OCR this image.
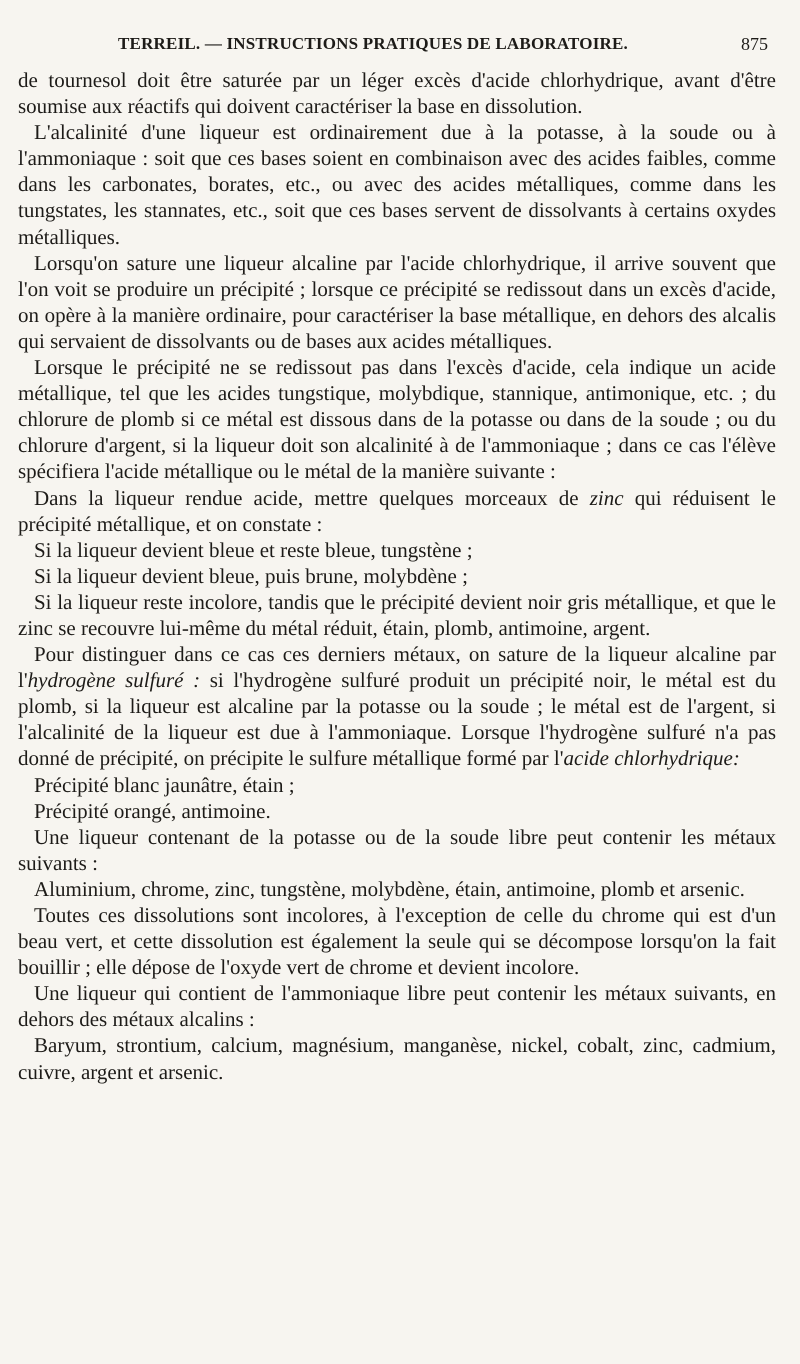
TERREIL. — INSTRUCTIONS PRATIQUES DE LABORATOIRE.	875

de tournesol doit être saturée par un léger excès d'acide chlorhydrique, avant d'être soumise aux réactifs qui doivent caractériser la base en dissolution.

L'alcalinité d'une liqueur est ordinairement due à la potasse, à la soude ou à l'ammoniaque : soit que ces bases soient en combinaison avec des acides faibles, comme dans les carbonates, borates, etc., ou avec des acides métalliques, comme dans les tungstates, les stannates, etc., soit que ces bases servent de dissolvants à certains oxydes métalliques.

Lorsqu'on sature une liqueur alcaline par l'acide chlorhydrique, il arrive souvent que l'on voit se produire un précipité ; lorsque ce précipité se redissout dans un excès d'acide, on opère à la manière ordinaire, pour caractériser la base métallique, en dehors des alcalis qui servaient de dissolvants ou de bases aux acides métalliques.

Lorsque le précipité ne se redissout pas dans l'excès d'acide, cela indique un acide métallique, tel que les acides tungstique, molybdique, stannique, antimonique, etc. ; du chlorure de plomb si ce métal est dissous dans de la potasse ou dans de la soude ; ou du chlorure d'argent, si la liqueur doit son alcalinité à de l'ammoniaque ; dans ce cas l'élève spécifiera l'acide métallique ou le métal de la manière suivante :

Dans la liqueur rendue acide, mettre quelques morceaux de zinc qui réduisent le précipité métallique, et on constate :

Si la liqueur devient bleue et reste bleue, tungstène ;

Si la liqueur devient bleue, puis brune, molybdène ;

Si la liqueur reste incolore, tandis que le précipité devient noir gris métallique, et que le zinc se recouvre lui-même du métal réduit, étain, plomb, antimoine, argent.

Pour distinguer dans ce cas ces derniers métaux, on sature de la liqueur alcaline par l'hydrogène sulfuré : si l'hydrogène sulfuré produit un précipité noir, le métal est du plomb, si la liqueur est alcaline par la potasse ou la soude ; le métal est de l'argent, si l'alcalinité de la liqueur est due à l'ammoniaque. Lorsque l'hydrogène sulfuré n'a pas donné de précipité, on précipite le sulfure métallique formé par l'acide chlorhydrique:

Précipité blanc jaunâtre, étain ;

Précipité orangé, antimoine.

Une liqueur contenant de la potasse ou de la soude libre peut contenir les métaux suivants :

Aluminium, chrome, zinc, tungstène, molybdène, étain, antimoine, plomb et arsenic.

Toutes ces dissolutions sont incolores, à l'exception de celle du chrome qui est d'un beau vert, et cette dissolution est également la seule qui se décompose lorsqu'on la fait bouillir ; elle dépose de l'oxyde vert de chrome et devient incolore.

Une liqueur qui contient de l'ammoniaque libre peut contenir les métaux suivants, en dehors des métaux alcalins :

Baryum, strontium, calcium, magnésium, manganèse, nickel, cobalt, zinc, cadmium, cuivre, argent et arsenic.
